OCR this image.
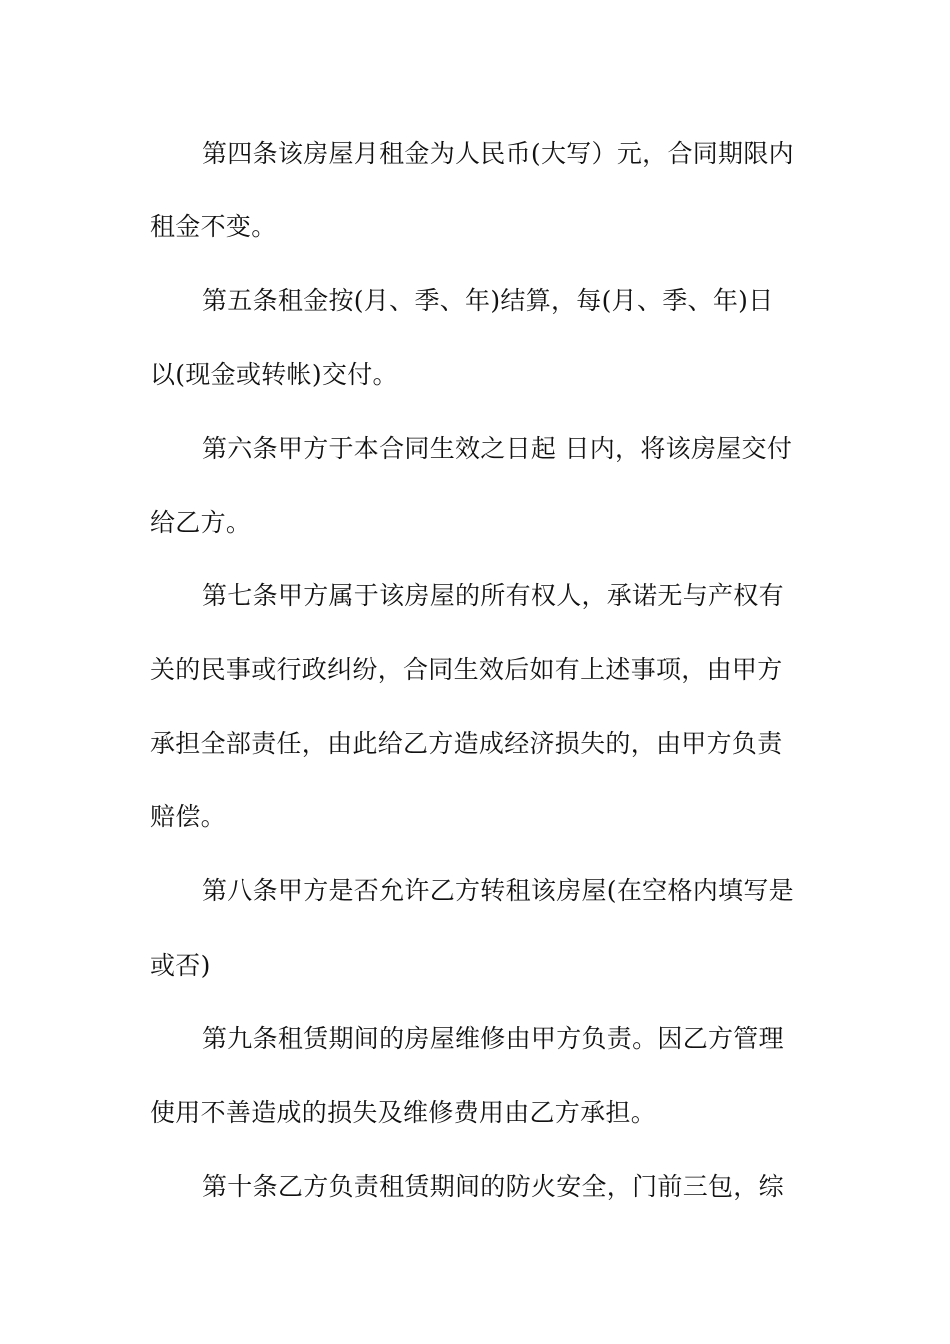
第四条该房屋月租金为人民币(大写）元，合同期限内

租金不变。

第五条租金按(月、季、年)结算，每(月、季、年)日

以(现金或转帐)交付。

第六条甲方于本合同生效之日起 日内，将该房屋交付

给乙方。

第七条甲方属于该房屋的所有权人，承诺无与产权有

关的民事或行政纠纷，合同生效后如有上述事项，由甲方

承担全部责任，由此给乙方造成经济损失的，由甲方负责

赔偿。

第八条甲方是否允许乙方转租该房屋(在空格内填写是

或否)

第九条租赁期间的房屋维修由甲方负责。因乙方管理

使用不善造成的损失及维修费用由乙方承担。

第十条乙方负责租赁期间的防火安全，门前三包，综
